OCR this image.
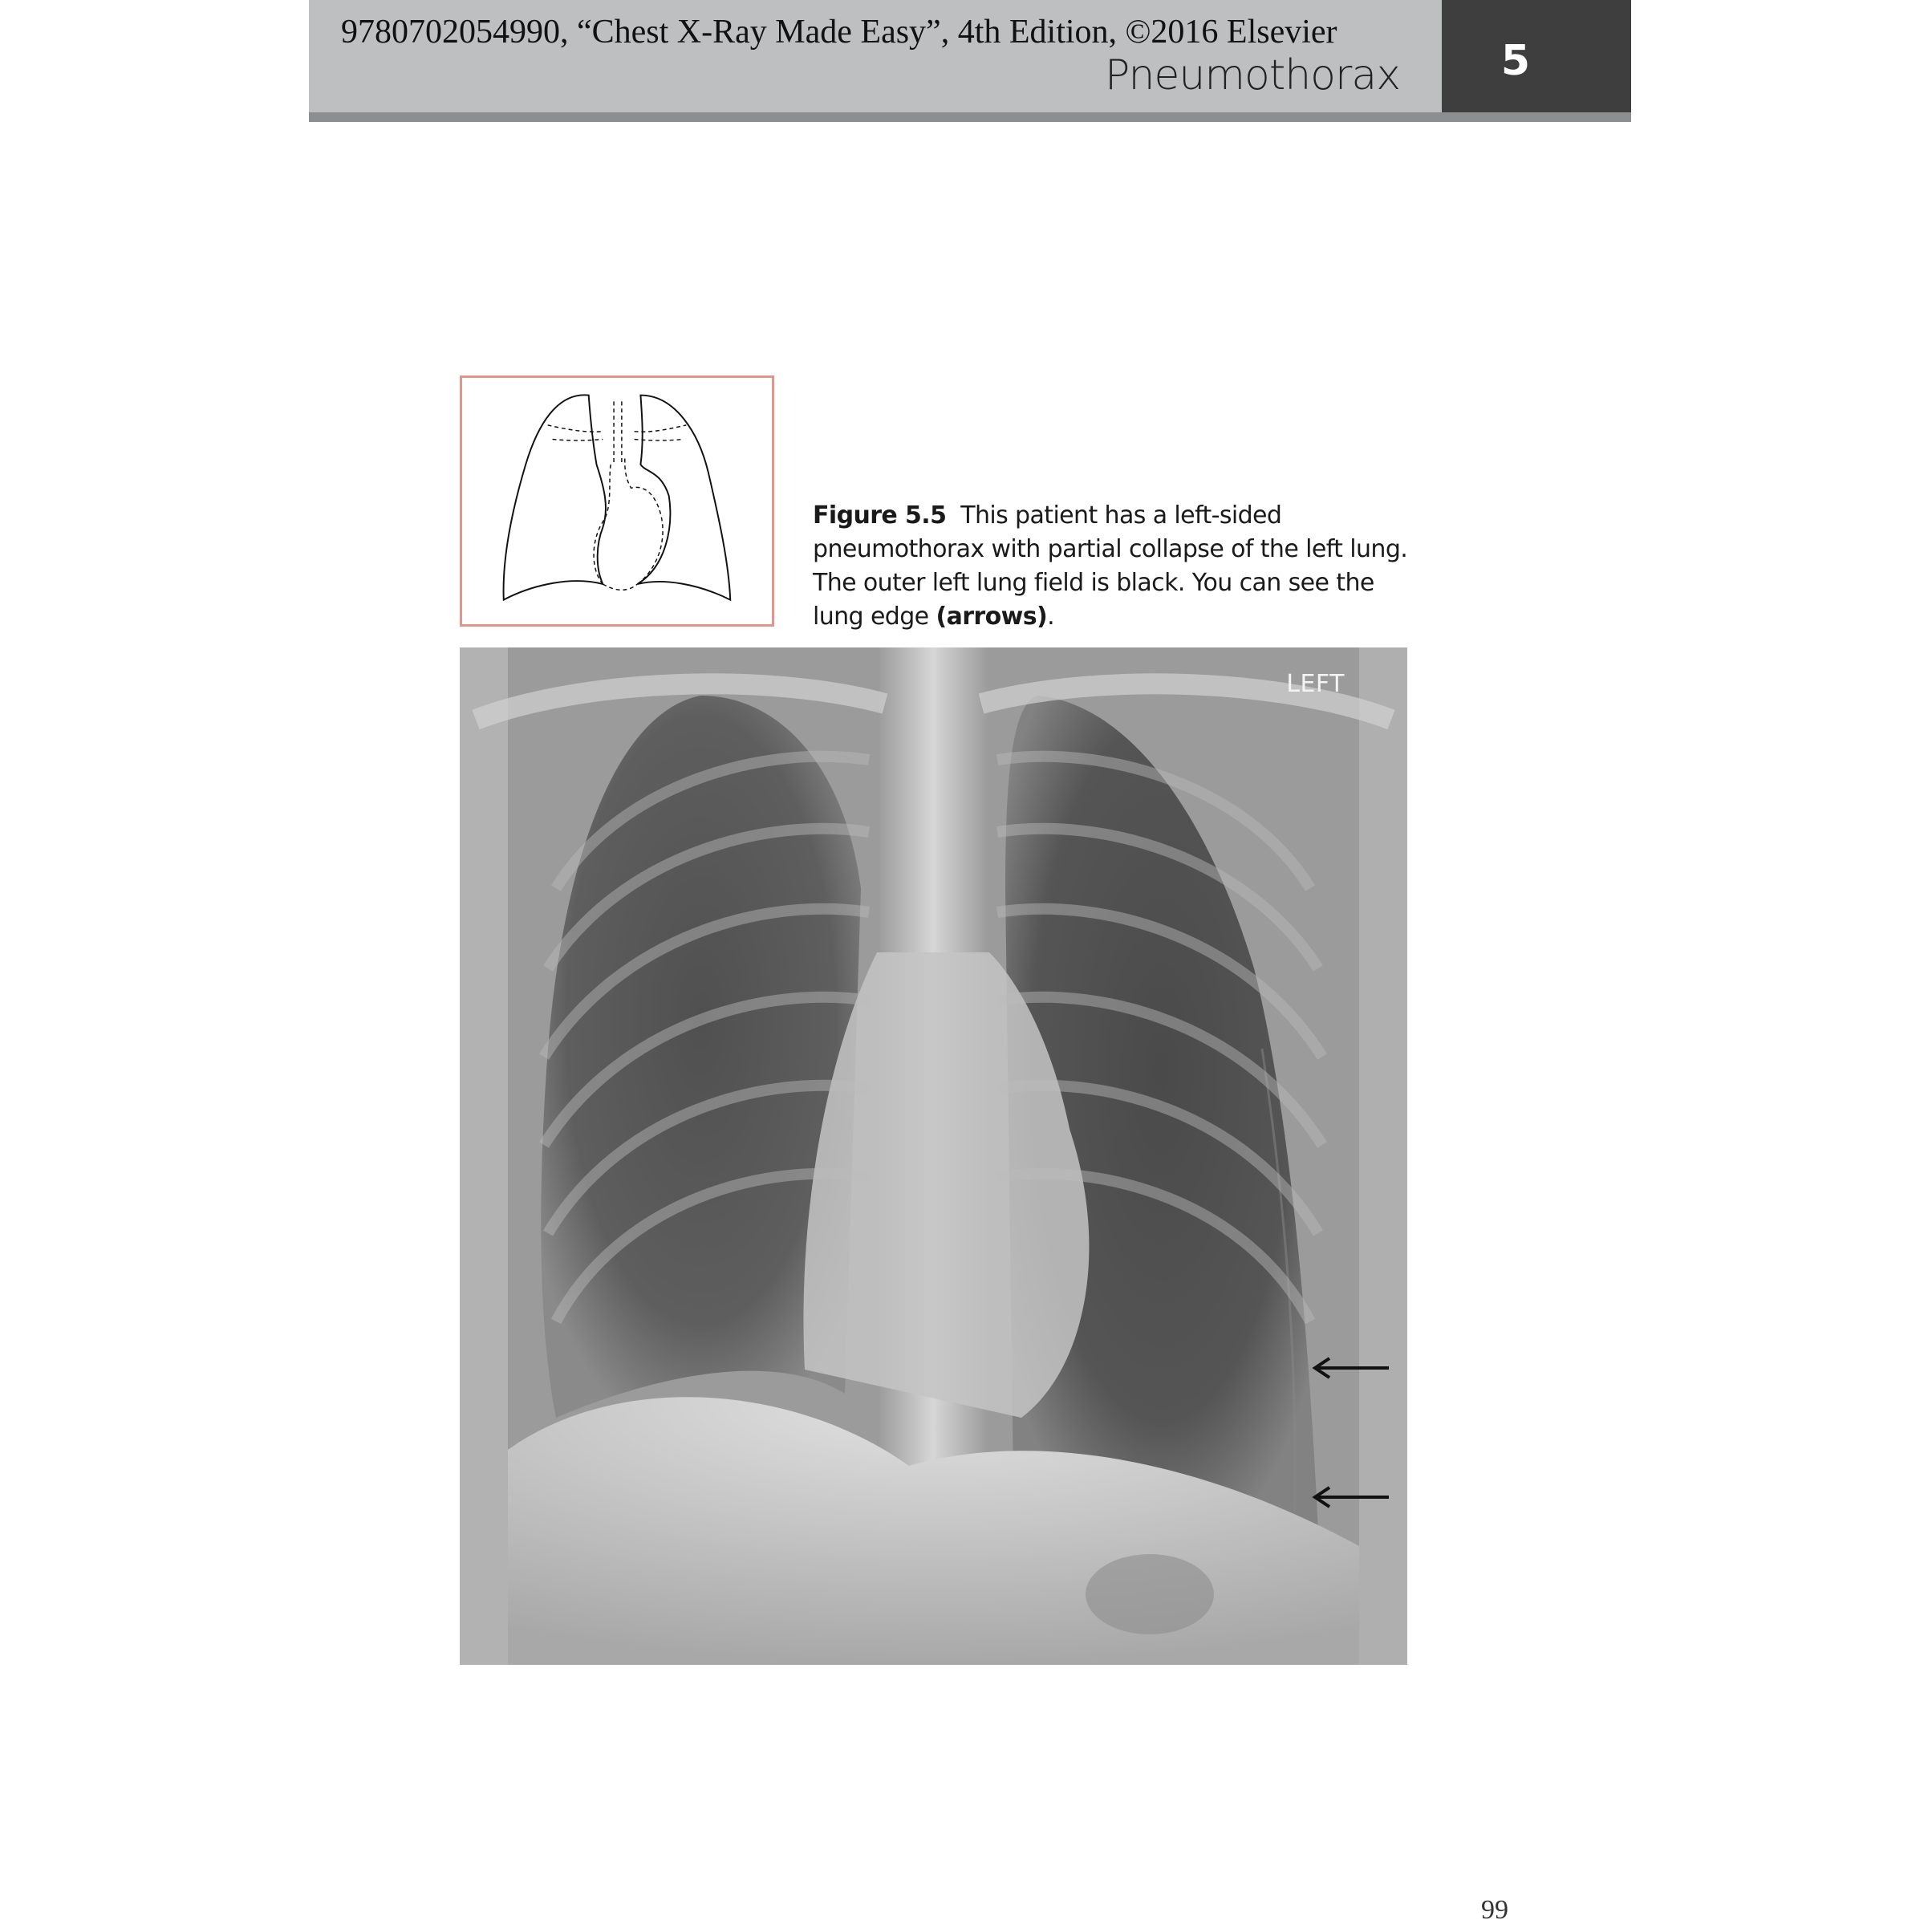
9780702054990, “Chest X-Ray Made Easy”, 4th Edition, ©2016 Elsevier
Pneumothorax	5
Figure 5.5 This patient has a left-sided pneumothorax with partial collapse of the left lung. The outer left lung field is black. You can see the lung edge (arrows).
LEFT
99
